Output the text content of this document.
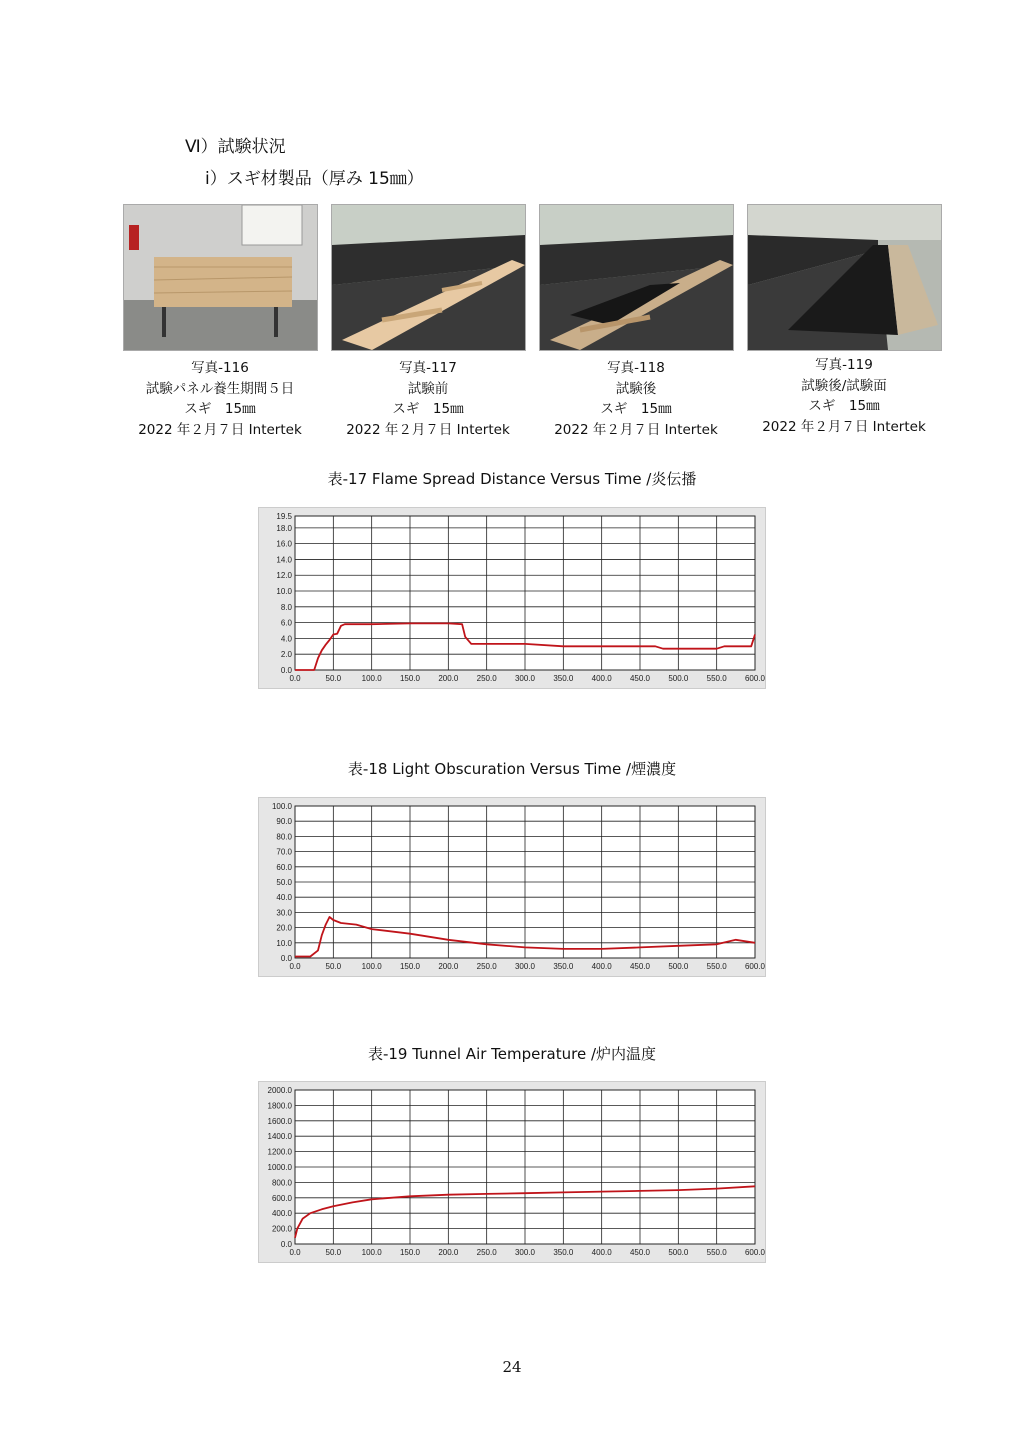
Ⅵ）試験状況
ⅰ）スギ材製品（厚み 15㎜）
写真-116
試験パネル養生期間５日
スギ　15㎜
2022 年２月７日 Intertek
写真-117
試験前
スギ　15㎜
2022 年２月７日 Intertek
写真-118
試験後
スギ　15㎜
2022 年２月７日 Intertek
写真-119
試験後/試験面
スギ　15㎜
2022 年２月７日 Intertek
表-17 Flame Spread Distance Versus Time /炎伝播
0.0	50.0	100.0 150.0 200.0 250.0 300.0 350.0 400.0 450.0 500.0 550.0 600.0
19.5
18.0
16.0
14.0
12.0
10.0
8.0
6.0
4.0
2.0
0.0
表-18 Light Obscuration Versus Time /煙濃度
0.0	50.0	100.0 150.0 200.0 250.0 300.0 350.0 400.0 450.0 500.0 550.0 600.0
100.0
90.0
80.0
70.0
60.0
50.0
40.0
30.0
20.0
10.0
0.0
表-19 Tunnel Air Temperature /炉内温度
0.0	50.0	100.0 150.0 200.0 250.0 300.0 350.0 400.0 450.0 500.0 550.0 600.0
2000.0
1800.0
1600.0
1400.0
1200.0
1000.0
800.0
600.0
400.0
200.0
0.0
24
